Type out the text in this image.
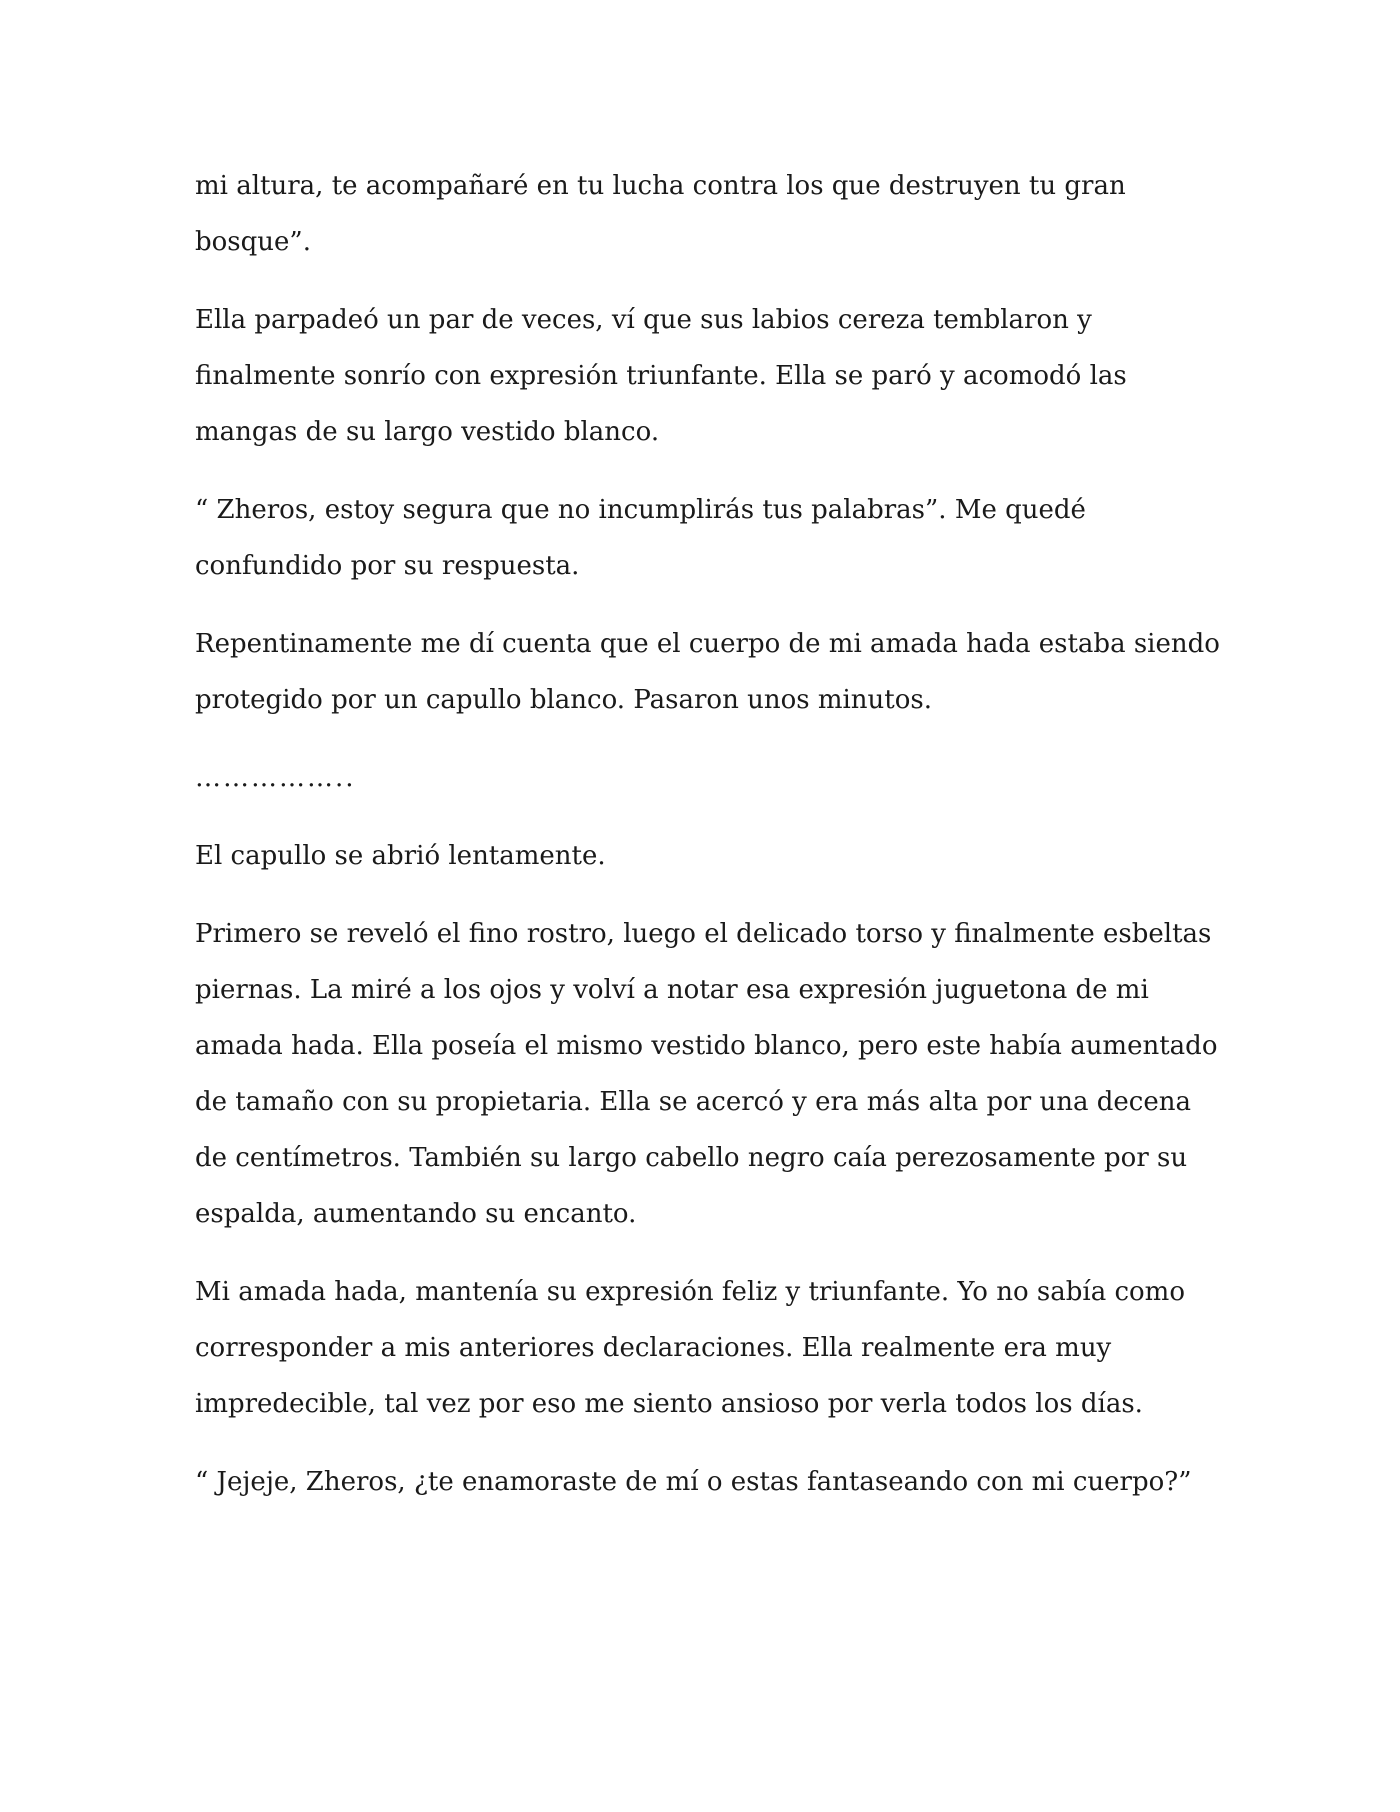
mi altura, te acompañaré en tu lucha contra los que destruyen tu gran bosque”.

Ella parpadeó un par de veces, ví que sus labios cereza temblaron y finalmente sonrío con expresión triunfante. Ella se paró y acomodó las mangas de su largo vestido blanco.

“ Zheros, estoy segura que no incumplirás tus palabras”. Me quedé confundido por su respuesta.

Repentinamente me dí cuenta que el cuerpo de mi amada hada estaba siendo protegido por un capullo blanco. Pasaron unos minutos.

……………..

El capullo se abrió lentamente.

Primero se reveló el fino rostro, luego el delicado torso y finalmente esbeltas piernas. La miré a los ojos y volví a notar esa expresión juguetona de mi amada hada. Ella poseía el mismo vestido blanco, pero este había aumentado de tamaño con su propietaria. Ella se acercó y era más alta por una decena de centímetros. También su largo cabello negro caía perezosamente por su espalda, aumentando su encanto.

Mi amada hada, mantenía su expresión feliz y triunfante. Yo no sabía como corresponder a mis anteriores declaraciones. Ella realmente era muy impredecible, tal vez por eso me siento ansioso por verla todos los días.

“ Jejeje, Zheros, ¿te enamoraste de mí o estas fantaseando con mi cuerpo?”
